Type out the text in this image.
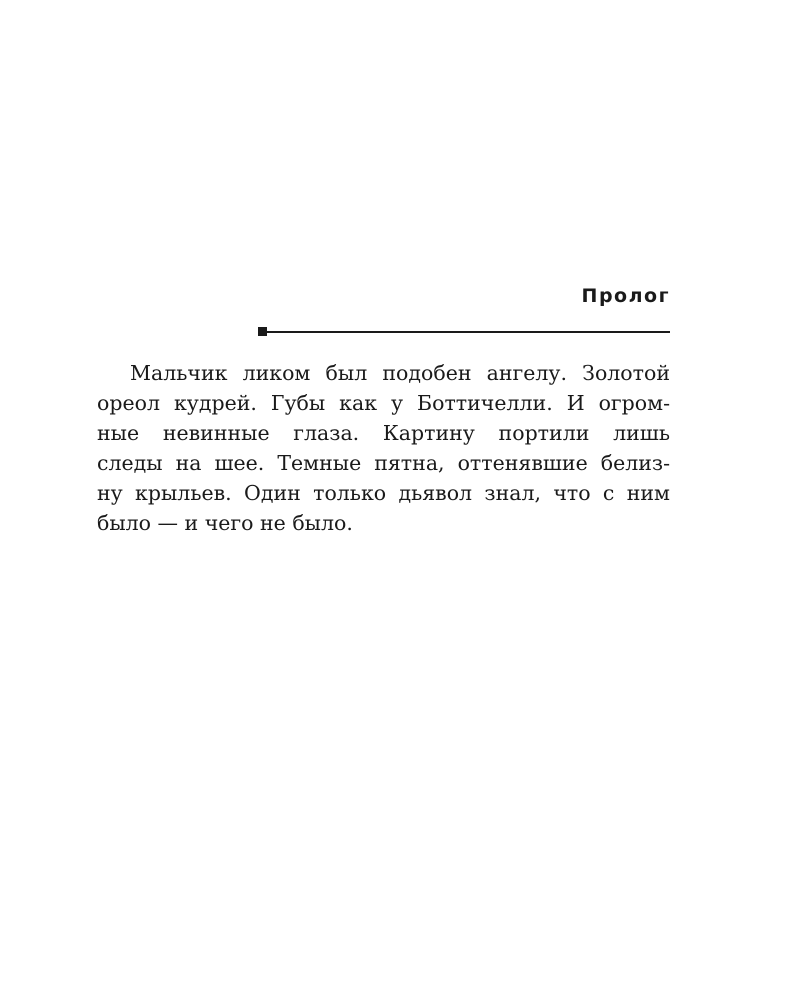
Пролог
Мальчик ликом был подобен ангелу. Золотой
ореол кудрей. Губы как у Боттичелли. И огром-
ные невинные глаза. Картину портили лишь
следы на шее. Темные пятна, оттенявшие белиз-
ну крыльев. Один только дьявол знал, что с ним
было — и чего не было.
